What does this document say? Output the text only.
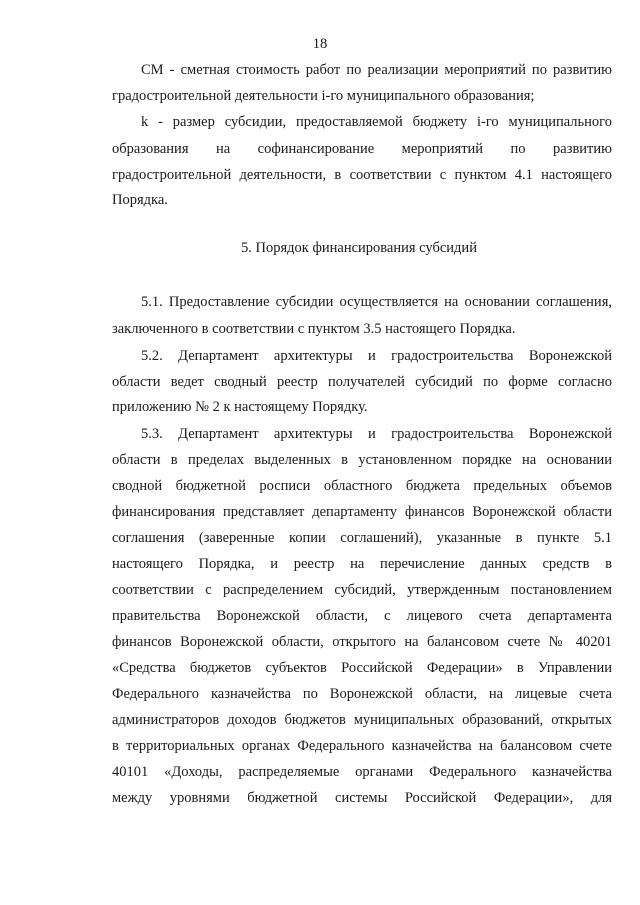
18
СМ - сметная стоимость работ по реализации мероприятий по развитию
градостроительной деятельности i-го муниципального образования;
k - размер субсидии, предоставляемой бюджету i-го муниципального
образования на софинансирование мероприятий по развитию
градостроительной деятельности, в соответствии с пунктом 4.1 настоящего
Порядка.
5. Порядок финансирования субсидий
5.1. Предоставление субсидии осуществляется на основании соглашения,
заключенного в соответствии с пунктом 3.5 настоящего Порядка.
5.2. Департамент архитектуры и градостроительства Воронежской
области ведет сводный реестр получателей субсидий по форме согласно
приложению № 2 к настоящему Порядку.
5.3. Департамент архитектуры и градостроительства Воронежской
области в пределах выделенных в установленном порядке на основании
сводной бюджетной росписи областного бюджета предельных объемов
финансирования представляет департаменту финансов Воронежской области
соглашения (заверенные копии соглашений), указанные в пункте 5.1
настоящего Порядка, и реестр на перечисление данных средств в
соответствии с распределением субсидий, утвержденным постановлением
правительства Воронежской области, с лицевого счета департамента
финансов Воронежской области, открытого на балансовом счете № 40201
«Средства бюджетов субъектов Российской Федерации» в Управлении
Федерального казначейства по Воронежской области, на лицевые счета
администраторов доходов бюджетов муниципальных образований, открытых
в территориальных органах Федерального казначейства на балансовом счете
40101 «Доходы, распределяемые органами Федерального казначейства
между уровнями бюджетной системы Российской Федерации», для
